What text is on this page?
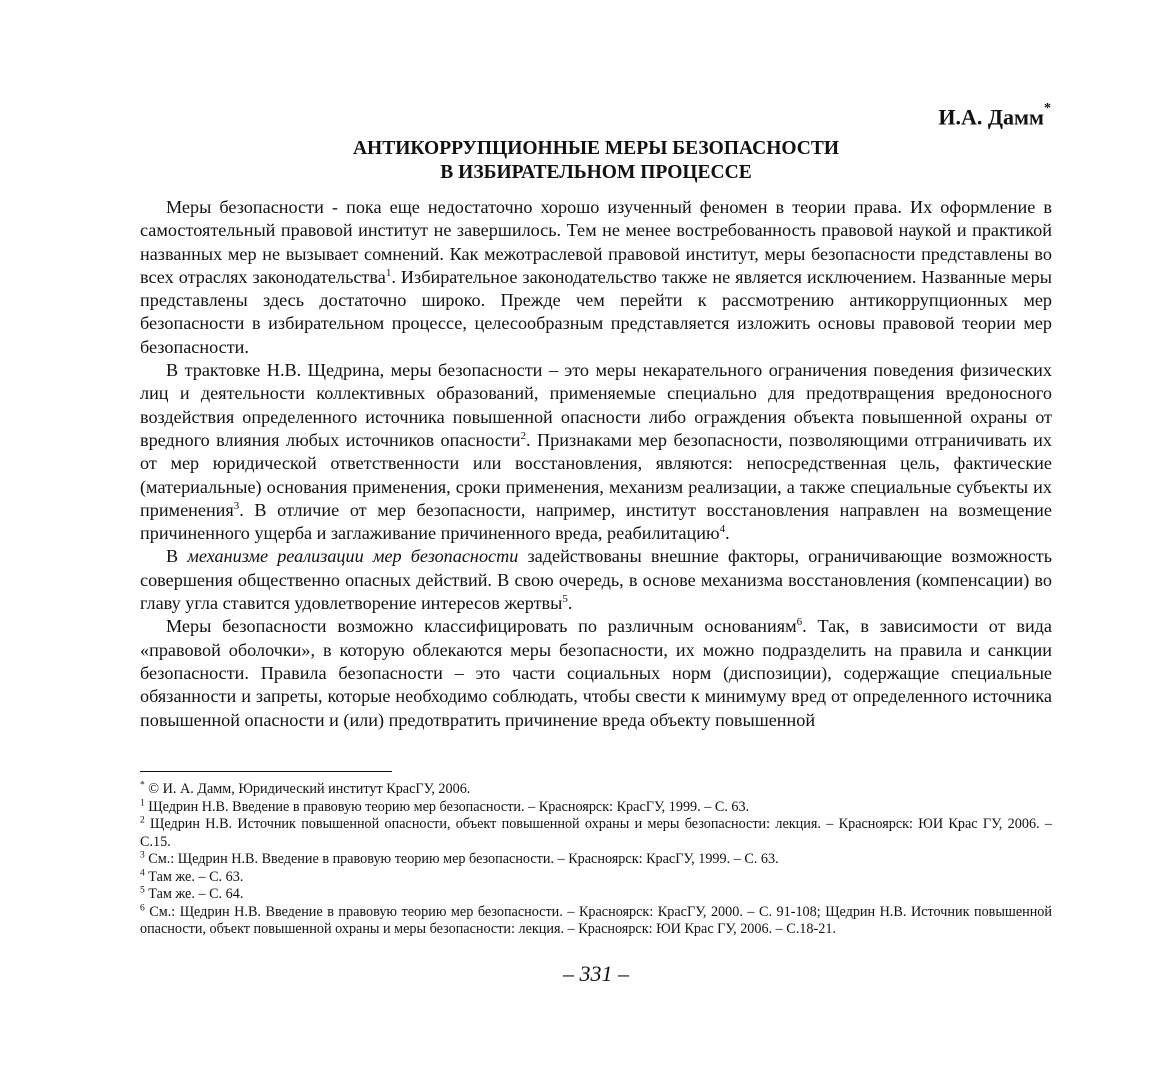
И.А. Дамм*
АНТИКОРРУПЦИОННЫЕ МЕРЫ БЕЗОПАСНОСТИ
В ИЗБИРАТЕЛЬНОМ ПРОЦЕССЕ

Меры безопасности - пока еще недостаточно хорошо изученный феномен в теории права. Их оформление в самостоятельный правовой институт не завершилось. Тем не менее востребованность правовой наукой и практикой названных мер не вызывает сомнений. Как межотраслевой правовой институт, меры безопасности представлены во всех отраслях законодательства$^1$. Избирательное законодательство также не является исключением. Названные меры представлены здесь достаточно широко. Прежде чем перейти к рассмотрению антикоррупционных мер безопасности в избирательном процессе, целесообразным представляется изложить основы правовой теории мер безопасности.

В трактовке Н.В. Щедрина, меры безопасности – это меры некарательного ограничения поведения физических лиц и деятельности коллективных образований, применяемые специально для предотвращения вредоносного воздействия определенного источника повышенной опасности либо ограждения объекта повышенной охраны от вредного влияния любых источников опасности$^2$. Признаками мер безопасности, позволяющими отграничивать их от мер юридической ответственности или восстановления, являются: непосредственная цель, фактические (материальные) основания применения, сроки применения, механизм реализации, а также специальные субъекты их применения$^3$. В отличие от мер безопасности, например, институт восстановления направлен на возмещение причиненного ущерба и заглаживание причиненного вреда, реабилитацию$^4$.

В механизме реализации мер безопасности задействованы внешние факторы, ограничивающие возможность совершения общественно опасных действий. В свою очередь, в основе механизма восстановления (компенсации) во главу угла ставится удовлетворение интересов жертвы$^5$.

Меры безопасности возможно классифицировать по различным основаниям$^6$. Так, в зависимости от вида «правовой оболочки», в которую облекаются меры безопасности, их можно подразделить на правила и санкции безопасности. Правила безопасности – это части социальных норм (диспозиции), содержащие специальные обязанности и запреты, которые необходимо соблюдать, чтобы свести к минимуму вред от определенного источника повышенной опасности и (или) предотвратить причинение вреда объекту повышенной

* © И. А. Дамм, Юридический институт КрасГУ, 2006.
$^1$ Щедрин Н.В. Введение в правовую теорию мер безопасности. – Красноярск: КрасГУ, 1999. – С. 63.
$^2$ Щедрин Н.В. Источник повышенной опасности, объект повышенной охраны и меры безопасности: лекция. – Красноярск: ЮИ Крас ГУ, 2006. – С.15.
$^3$ См.: Щедрин Н.В. Введение в правовую теорию мер безопасности. – Красноярск: КрасГУ, 1999. – С. 63.
$^4$ Там же. – С. 63.
$^5$ Там же. – С. 64.
$^6$ См.: Щедрин Н.В. Введение в правовую теорию мер безопасности. – Красноярск: КрасГУ, 2000. – С. 91-108; Щедрин Н.В. Источник повышенной опасности, объект повышенной охраны и меры безопасности: лекция. – Красноярск: ЮИ Крас ГУ, 2006. – С.18-21.
– 331 –
